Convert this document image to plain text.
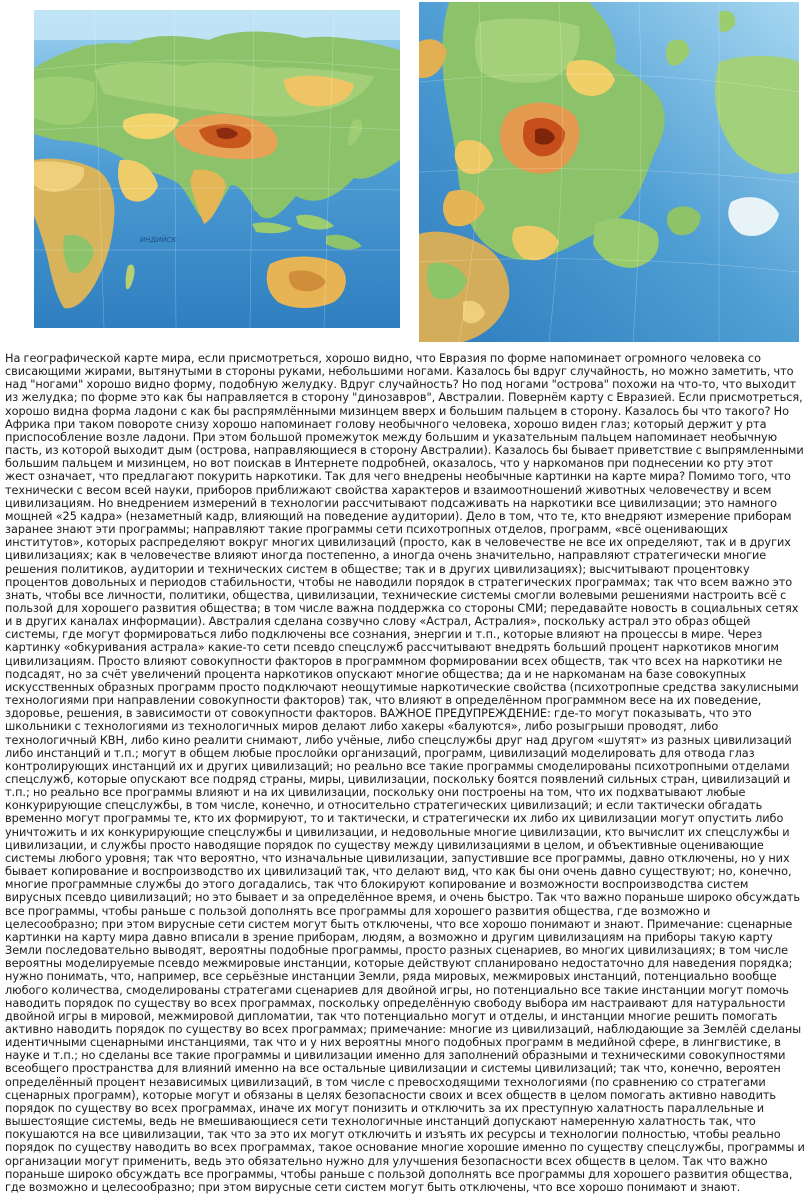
ИНДИЙСК

На географической карте мира, если присмотреться, хорошо видно, что Евразия по форме напоминает огромного человека со свисающими жирами, вытянутыми в стороны руками, небольшими ногами. Казалось бы вдруг случайность, но можно заметить, что над "ногами" хорошо видно форму, подобную желудку. Вдруг случайность? Но под ногами "острова" похожи на что-то, что выходит из желудка; по форме это как бы направляется в сторону "динозавров", Австралии. Повернём карту с Евразией. Если присмотреться, хорошо видна форма ладони с как бы распрямлёнными мизинцем вверх и большим пальцем в сторону. Казалось бы что такого? Но Африка при таком повороте снизу хорошо напоминает голову необычного человека, хорошо виден глаз; который держит у рта приспособление возле ладони. При этом большой промежуток между большим и указательным пальцем напоминает необычную пасть, из которой выходит дым (острова, направляющиеся в сторону Австралии). Казалось бы бывает приветствие с выпрямленными большим пальцем и мизинцем, но вот поискав в Интернете подробней, оказалось, что у наркоманов при поднесении ко рту этот жест означает, что предлагают покурить наркотики. Так для чего внедрены необычные картинки на карте мира? Помимо того, что технически с весом всей науки, приборов приближают свойства характеров и взаимоотношений животных человечеству и всем цивилизациям. Но внедрением измерений в технологии рассчитывают подсаживать на наркотики все цивилизации; это намного мощней «25 кадра» (незаметный кадр, влияющий на поведение аудитории). Дело в том, что те, кто внедряют измерение приборам заранее знают эти программы; направляют такие программы сети психотропных отделов, программ, «всё оценивающих институтов», которых распределяют вокруг многих цивилизаций (просто, как в человечестве не все их определяют, так и в других цивилизациях; как в человечестве влияют иногда постепенно, а иногда очень значительно, направляют стратегически многие решения политиков, аудитории и технических систем в обществе; так и в других цивилизациях); высчитывают процентовку процентов довольных и периодов стабильности, чтобы не наводили порядок в стратегических программах; так что всем важно это знать, чтобы все личности, политики, общества, цивилизации, технические системы смогли волевыми решениями настроить всё с пользой для хорошего развития общества; в том числе важна поддержка со стороны СМИ; передавайте новость в социальных сетях и в других каналах информации). Австралия сделана созвучно слову «Астрал, Астралия», поскольку астрал это образ общей системы, где могут формироваться либо подключены все сознания, энергии и т.п., которые влияют на процессы в мире. Через картинку «обкуривания астрала» какие-то сети псевдо спецслужб рассчитывают внедрять больший процент наркотиков многим цивилизациям. Просто влияют совокупности факторов в программном формировании всех обществ, так что всех на наркотики не подсадят, но за счёт увеличений процента наркотиков опускают многие общества; да и не наркоманам на базе совокупных искусственных образных программ просто подключают неощутимые наркотические свойства (психотропные средства закулисными технологиями при направлении совокупности факторов) так, что влияют в определённом программном весе на их поведение, здоровье, решения, в зависимости от совокупности факторов. ВАЖНОЕ ПРЕДУПРЕЖДЕНИЕ: где-то могут показывать, что это школьники с технологиями из технологичных миров делают либо хакеры «балуются», либо розыгрыши проводят, либо технологичный КВН, либо кино реалити снимают, либо учёные, либо спецслужбы друг над другом «шутят» из разных цивилизаций либо инстанций и т.п.; могут в общем любые прослойки организаций, программ, цивилизаций моделировать для отвода глаз контролирующих инстанций их и других цивилизаций; но реально все такие программы смоделированы психотропными отделами спецслужб, которые опускают все подряд страны, миры, цивилизации, поскольку боятся появлений сильных стран, цивилизаций и т.п.; но реально все программы влияют и на их цивилизации, поскольку они построены на том, что их подхватывают любые конкурирующие спецслужбы, в том числе, конечно, и относительно стратегических цивилизаций; и если тактически обгадать временно могут программы те, кто их формируют, то и тактически, и стратегически их либо их цивилизации могут опустить либо уничтожить и их конкурирующие спецслужбы и цивилизации, и недовольные многие цивилизации, кто вычислит их спецслужбы и цивилизации, и службы просто наводящие порядок по существу между цивилизациями в целом, и объективные оценивающие системы любого уровня; так что вероятно, что изначальные цивилизации, запустившие все программы, давно отключены, но у них бывает копирование и воспроизводство их цивилизаций так, что делают вид, что как бы они очень давно существуют; но, конечно, многие программные службы до этого догадались, так что блокируют копирование и возможности воспроизводства систем вирусных псевдо цивилизаций; но это бывает и за определённое время, и очень быстро. Так что важно пораньше широко обсуждать все программы, чтобы раньше с пользой дополнять все программы для хорошего развития общества, где возможно и целесообразно; при этом вирусные сети систем могут быть отключены, что все хорошо понимают и знают. Примечание: сценарные картинки на карту мира давно вписали в зрение приборам, людям, а возможно и другим цивилизациям на приборы такую карту Земли последовательно выводят, вероятны подобные программы, просто разных сценариев, во многих цивилизациях; в том числе вероятны моделируемые псевдо межмировые инстанции, которые действуют спланировано недостаточно для наведения порядка; нужно понимать, что, например, все серьёзные инстанции Земли, ряда мировых, межмировых инстанций, потенциально вообще любого количества, смоделированы стратегами сценариев для двойной игры, но потенциально все такие инстанции могут помочь наводить порядок по существу во всех программах, поскольку определённую свободу выбора им настраивают для натуральности двойной игры в мировой, межмировой дипломатии, так что потенциально могут и отделы, и инстанции многие решить помогать активно наводить порядок по существу во всех программах; примечание: многие из цивилизаций, наблюдающие за Землёй сделаны идентичными сценарными инстанциями, так что и у них вероятны много подобных программ в медийной сфере, в лингвистике, в науке и т.п.; но сделаны все такие программы и цивилизации именно для заполнений образными и техническими совокупностями всеобщего пространства для влияний именно на все остальные цивилизации и системы цивилизаций; так что, конечно, вероятен определённый процент независимых цивилизаций, в том числе с превосходящими технологиями (по сравнению со стратегами сценарных программ), которые могут и обязаны в целях безопасности своих и всех обществ в целом помогать активно наводить порядок по существу во всех программах, иначе их могут понизить и отключить за их преступную халатность параллельные и вышестоящие системы, ведь не вмешивающиеся сети технологичные инстанций допускают намеренную халатность так, что покушаются на все цивилизации, так что за это их могут отключить и изъять их ресурсы и технологии полностью, чтобы реально порядок по существу наводить во всех программах, такое основание многие хорошие именно по существу спецслужбы, программы и организации могут применить, ведь это обязательно нужно для улучшения безопасности всех обществ в целом. Так что важно пораньше широко обсуждать все программы, чтобы раньше с пользой дополнять все программы для хорошего развития общества, где возможно и целесообразно; при этом вирусные сети систем могут быть отключены, что все хорошо понимают и знают.
